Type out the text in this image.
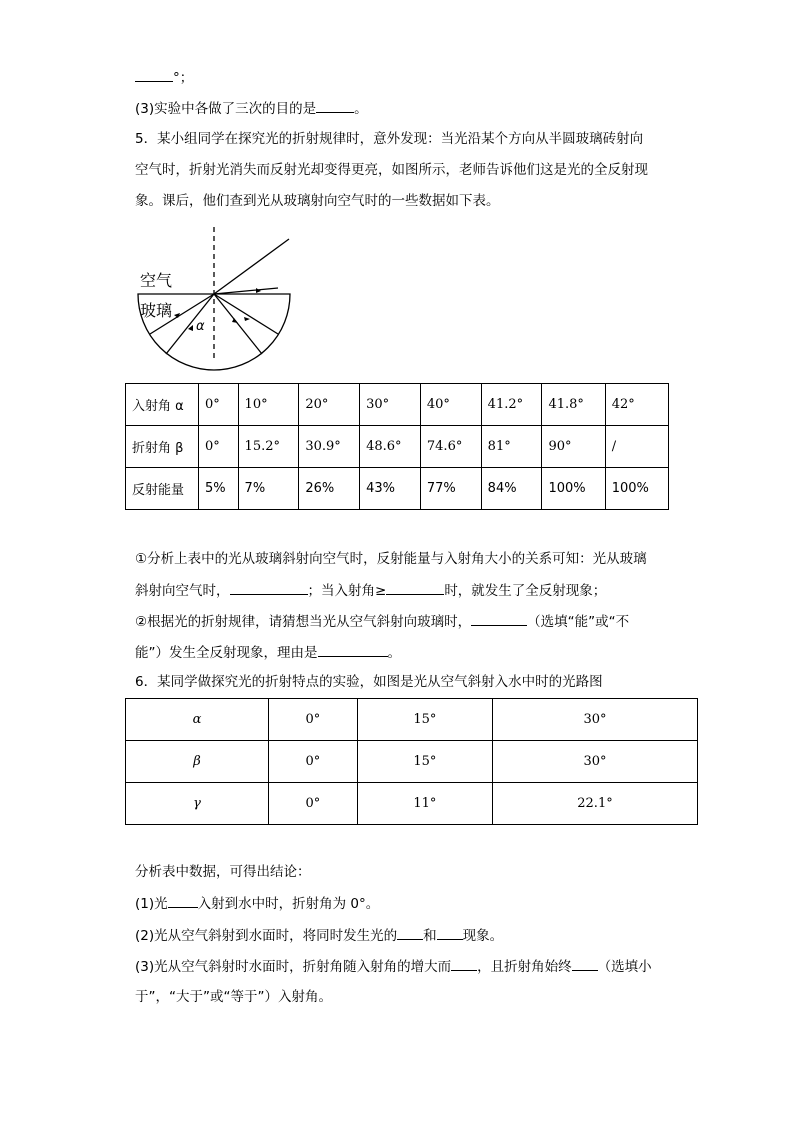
°；
(3)实验中各做了三次的目的是	。
5．某小组同学在探究光的折射规律时，意外发现：当光沿某个方向从半圆玻璃砖射向
空气时，折射光消失而反射光却变得更亮，如图所示，老师告诉他们这是光的全反射现
象。课后，他们查到光从玻璃射向空气时的一些数据如下表。
空气
玻璃
α
入射角 α	0°	10°	20°	30°	40°	41.2°	41.8°	42°
折射角 β	0°	15.2°	30.9°	48.6°	74.6°	81°	90°	/
反射能量	5%	7%	26%	43%	77%	84%	100%	100%
①分析上表中的光从玻璃斜射向空气时，反射能量与入射角大小的关系可知：光从玻璃
斜射向空气时，	；当入射角≥	时，就发生了全反射现象；
②根据光的折射规律，请猜想当光从空气斜射向玻璃时，	（选填“能”或“不
能”）发生全反射现象，理由是	。
6．某同学做探究光的折射特点的实验，如图是光从空气斜射入水中时的光路图
α	0°	15°	30°
β	0°	15°	30°
γ	0°	11°	22.1°
分析表中数据，可得出结论：
(1)光 入射到水中时，折射角为 0°。
(2)光从空气斜射到水面时，将同时发生光的 和 现象。
(3)光从空气斜射时水面时，折射角随入射角的增大而 ，且折射角始终 （选填小
于”，“大于”或“等于”）入射角。
